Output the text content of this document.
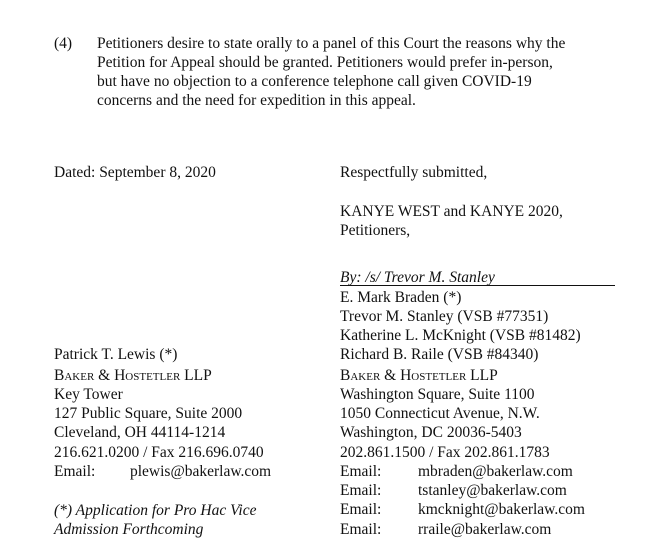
(4) Petitioners desire to state orally to a panel of this Court the reasons why the
Petition for Appeal should be granted. Petitioners would prefer in-person,
but have no objection to a conference telephone call given COVID-19
concerns and the need for expedition in this appeal.
Dated: September 8, 2020	Respectfully submitted,
KANYE WEST and KANYE 2020,
Petitioners,
By: /s/ Trevor M. Stanley
E. Mark Braden (*)
Trevor M. Stanley (VSB #77351)
Katherine L. McKnight (VSB #81482)
Richard B. Raile (VSB #84340)
Baker & Hostetler LLP
Washington Square, Suite 1100
1050 Connecticut Avenue, N.W.
Washington, DC 20036-5403
202.861.1500 / Fax 202.861.1783
Email: mbraden@bakerlaw.com
Email: tstanley@bakerlaw.com
Email: kmcknight@bakerlaw.com
Email: rraile@bakerlaw.com
Patrick T. Lewis (*)
Baker & Hostetler LLP
Key Tower
127 Public Square, Suite 2000
Cleveland, OH 44114-1214
216.621.0200 / Fax 216.696.0740
Email: plewis@bakerlaw.com
(*) Application for Pro Hac Vice
Admission Forthcoming
